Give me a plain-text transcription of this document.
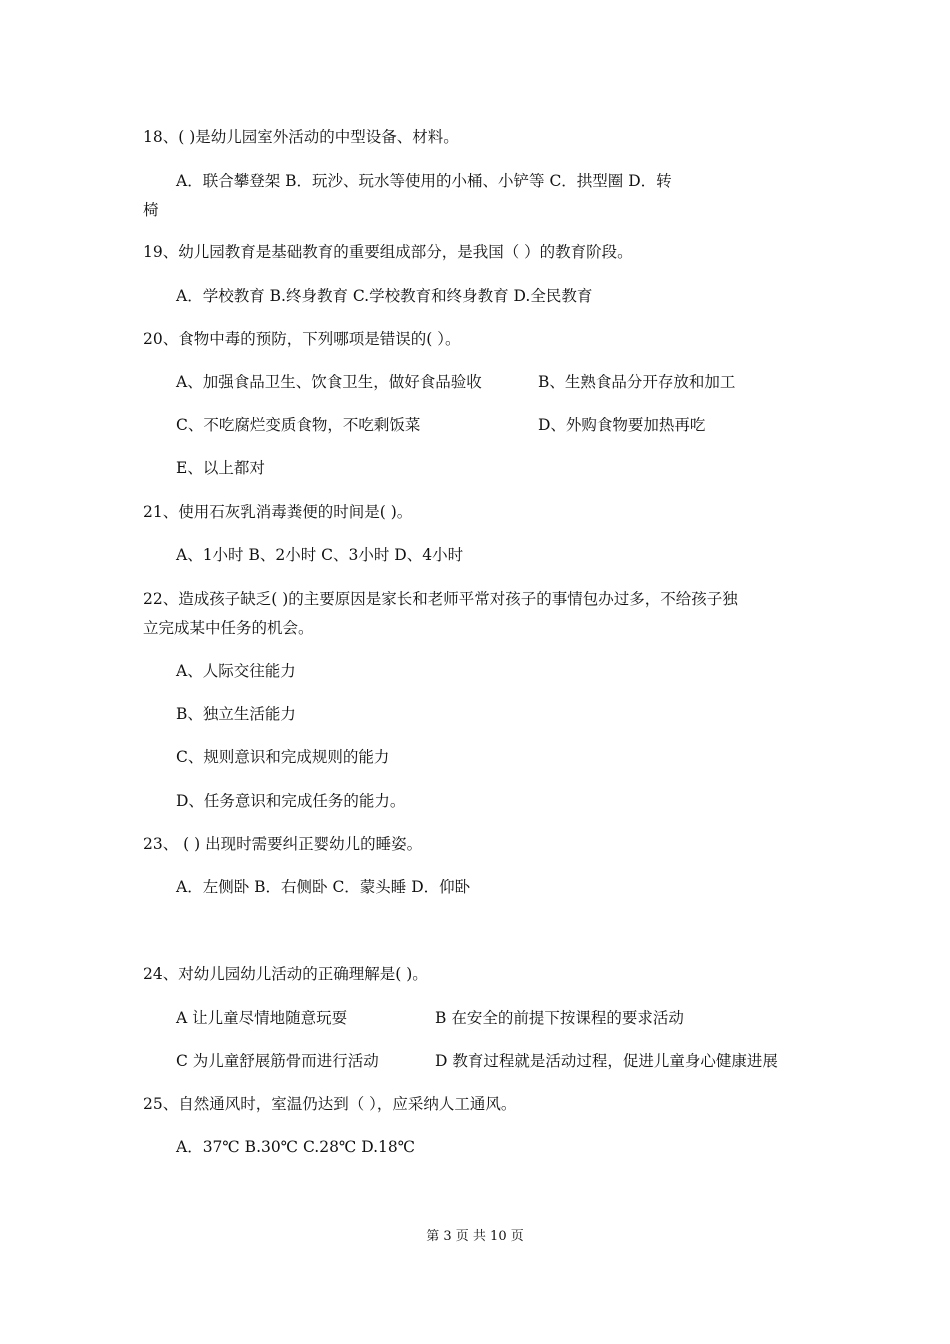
18、( )是幼儿园室外活动的中型设备、材料。
A．联合攀登架 B．玩沙、玩水等使用的小桶、小铲等 C．拱型圈 D．转
椅
19、幼儿园教育是基础教育的重要组成部分，是我国（ ）的教育阶段。
A．学校教育 B.终身教育 C.学校教育和终身教育 D.全民教育
20、食物中毒的预防，下列哪项是错误的( ）。
A、加强食品卫生、饮食卫生，做好食品验收	B、生熟食品分开存放和加工
C、不吃腐烂变质食物，不吃剩饭菜	D、外购食物要加热再吃
E、以上都对
21、使用石灰乳消毒粪便的时间是( )。
A、1小时 B、2小时 C、3小时 D、4小时
22、造成孩子缺乏( )的主要原因是家长和老师平常对孩子的事情包办过多，不给孩子独
立完成某中任务的机会。
A、人际交往能力
B、独立生活能力
C、规则意识和完成规则的能力
D、任务意识和完成任务的能力。
23、 ( ) 出现时需要纠正婴幼儿的睡姿。
A．左侧卧 B．右侧卧 C．蒙头睡 D．仰卧
24、对幼儿园幼儿活动的正确理解是( )。
A 让儿童尽情地随意玩耍	B 在安全的前提下按课程的要求活动
C 为儿童舒展筋骨而进行活动	D 教育过程就是活动过程，促进儿童身心健康进展
25、自然通风时，室温仍达到（ ），应采纳人工通风。
A．37℃ B.30℃ C.28℃ D.18℃
第 3 页 共 10 页
